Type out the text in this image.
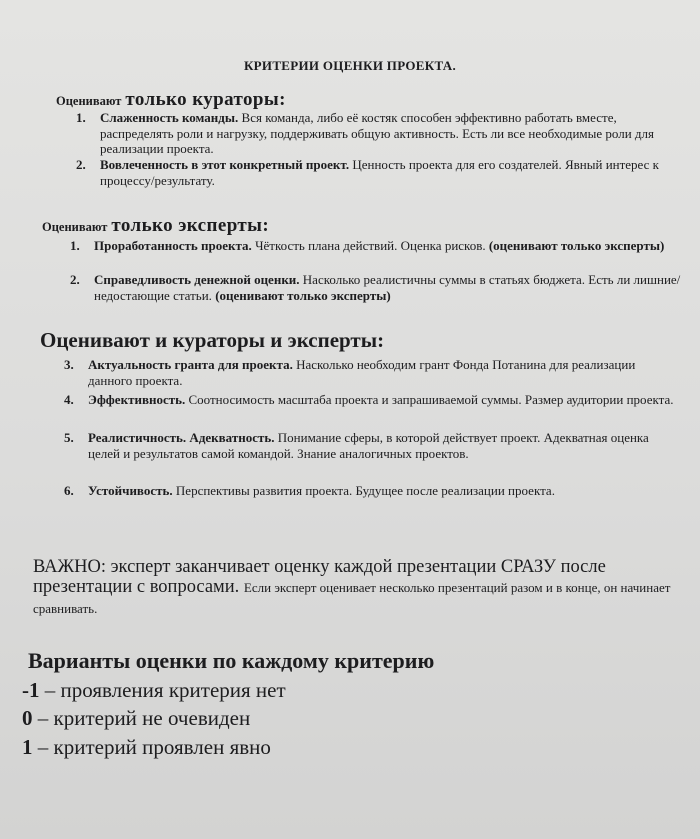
КРИТЕРИИ ОЦЕНКИ ПРОЕКТА.
Оценивают только кураторы:
1. Слаженность команды. Вся команда, либо её костяк способен эффективно работать вместе, распределять роли и нагрузку, поддерживать общую активность. Есть ли все необходимые роли для реализации проекта.
2. Вовлеченность в этот конкретный проект. Ценность проекта для его создателей. Явный интерес к процессу/результату.
Оценивают только эксперты:
1. Проработанность проекта. Чёткость плана действий. Оценка рисков. (оценивают только эксперты)
2. Справедливость денежной оценки. Насколько реалистичны суммы в статьях бюджета. Есть ли лишние/недостающие статьи. (оценивают только эксперты)
Оценивают и кураторы и эксперты:
3. Актуальность гранта для проекта. Насколько необходим грант Фонда Потанина для реализации данного проекта.
4. Эффективность. Соотносимость масштаба проекта и запрашиваемой суммы. Размер аудитории проекта.
5. Реалистичность. Адекватность. Понимание сферы, в которой действует проект. Адекватная оценка целей и результатов самой командой. Знание аналогичных проектов.
6. Устойчивость. Перспективы развития проекта. Будущее после реализации проекта.
ВАЖНО: эксперт заканчивает оценку каждой презентации СРАЗУ после презентации с вопросами. Если эксперт оценивает несколько презентаций разом и в конце, он начинает сравнивать.
Варианты оценки по каждому критерию
-1 – проявления критерия нет
0 – критерий не очевиден
1 – критерий проявлен явно
